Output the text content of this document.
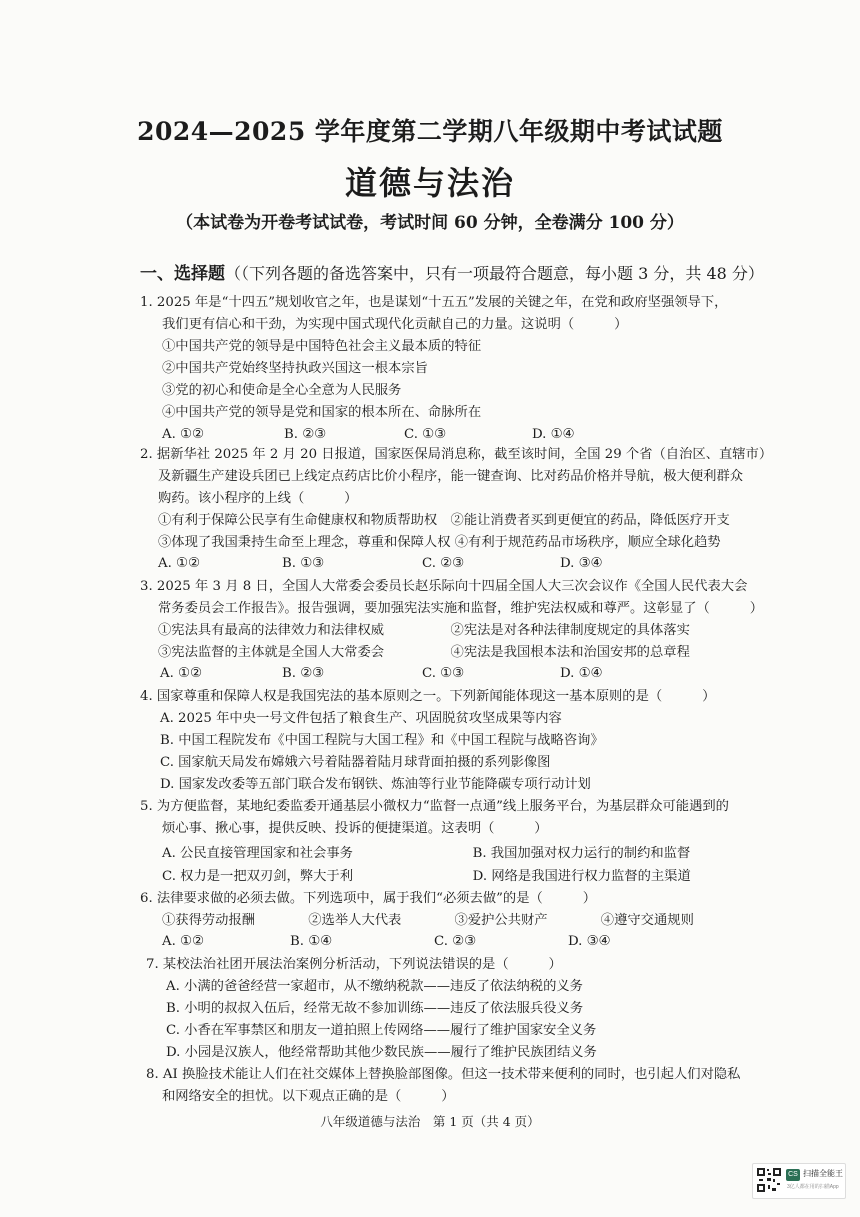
2024—2025 学年度第二学期八年级期中考试试题
道德与法治
（本试卷为开卷考试试卷，考试时间 60 分钟，全卷满分 100 分）
一、选择题（（下列各题的备选答案中，只有一项最符合题意，每小题 3 分，共 48 分）
1. 2025 年是“十四五”规划收官之年，也是谋划“十五五”发展的关键之年，在党和政府坚强领导下，
我们更有信心和干劲，为实现中国式现代化贡献自己的力量。这说明（　　　）
①中国共产党的领导是中国特色社会主义最本质的特征
②中国共产党始终坚持执政兴国这一根本宗旨
③党的初心和使命是全心全意为人民服务
④中国共产党的领导是党和国家的根本所在、命脉所在
A. ①②	B. ②③	C. ①③	D. ①④
2. 据新华社 2025 年 2 月 20 日报道，国家医保局消息称，截至该时间，全国 29 个省（自治区、直辖市）
及新疆生产建设兵团已上线定点药店比价小程序，能一键查询、比对药品价格并导航，极大便利群众
购药。该小程序的上线（　　　）
①有利于保障公民享有生命健康权和物质帮助权　②能让消费者买到更便宜的药品，降低医疗开支
③体现了我国秉持生命至上理念，尊重和保障人权 ④有利于规范药品市场秩序，顺应全球化趋势
A. ①②	B. ①③	C. ②③	D. ③④
3. 2025 年 3 月 8 日，全国人大常委会委员长赵乐际向十四届全国人大三次会议作《全国人民代表大会
常务委员会工作报告》。报告强调，要加强宪法实施和监督，维护宪法权威和尊严。这彰显了（　　　）
①宪法具有最高的法律效力和法律权威　　　　　②宪法是对各种法律制度规定的具体落实
③宪法监督的主体就是全国人大常委会　　　　　④宪法是我国根本法和治国安邦的总章程
A. ①②	B. ②③	C. ①③	D. ①④
4. 国家尊重和保障人权是我国宪法的基本原则之一。下列新闻能体现这一基本原则的是（　　　）
A. 2025 年中央一号文件包括了粮食生产、巩固脱贫攻坚成果等内容
B. 中国工程院发布《中国工程院与大国工程》和《中国工程院与战略咨询》
C. 国家航天局发布嫦娥六号着陆器着陆月球背面拍摄的系列影像图
D. 国家发改委等五部门联合发布钢铁、炼油等行业节能降碳专项行动计划
5. 为方便监督，某地纪委监委开通基层小微权力“监督一点通”线上服务平台，为基层群众可能遇到的
烦心事、揪心事，提供反映、投诉的便捷渠道。这表明（　　　）
A. 公民直接管理国家和社会事务　　　　　　　　　B. 我国加强对权力运行的制约和监督
C. 权力是一把双刃剑，弊大于利　　　　　　　　　D. 网络是我国进行权力监督的主渠道
6. 法律要求做的必须去做。下列选项中，属于我们“必须去做”的是（　　　）
①获得劳动报酬　　　　②选举人大代表　　　　③爱护公共财产　　　　④遵守交通规则
A. ①②	B. ①④	C. ②③	D. ③④
7. 某校法治社团开展法治案例分析活动，下列说法错误的是（　　　）
A. 小满的爸爸经营一家超市，从不缴纳税款——违反了依法纳税的义务
B. 小明的叔叔入伍后，经常无故不参加训练——违反了依法服兵役义务
C. 小香在军事禁区和朋友一道拍照上传网络——履行了维护国家安全义务
D. 小园是汉族人，他经常帮助其他少数民族——履行了维护民族团结义务
8. AI 换脸技术能让人们在社交媒体上替换脸部图像。但这一技术带来便利的同时，也引起人们对隐私
和网络安全的担忧。以下观点正确的是（　　　）
八年级道德与法治　第 1 页（共 4 页）
CS 扫描全能王
3亿人都在用的扫描App
